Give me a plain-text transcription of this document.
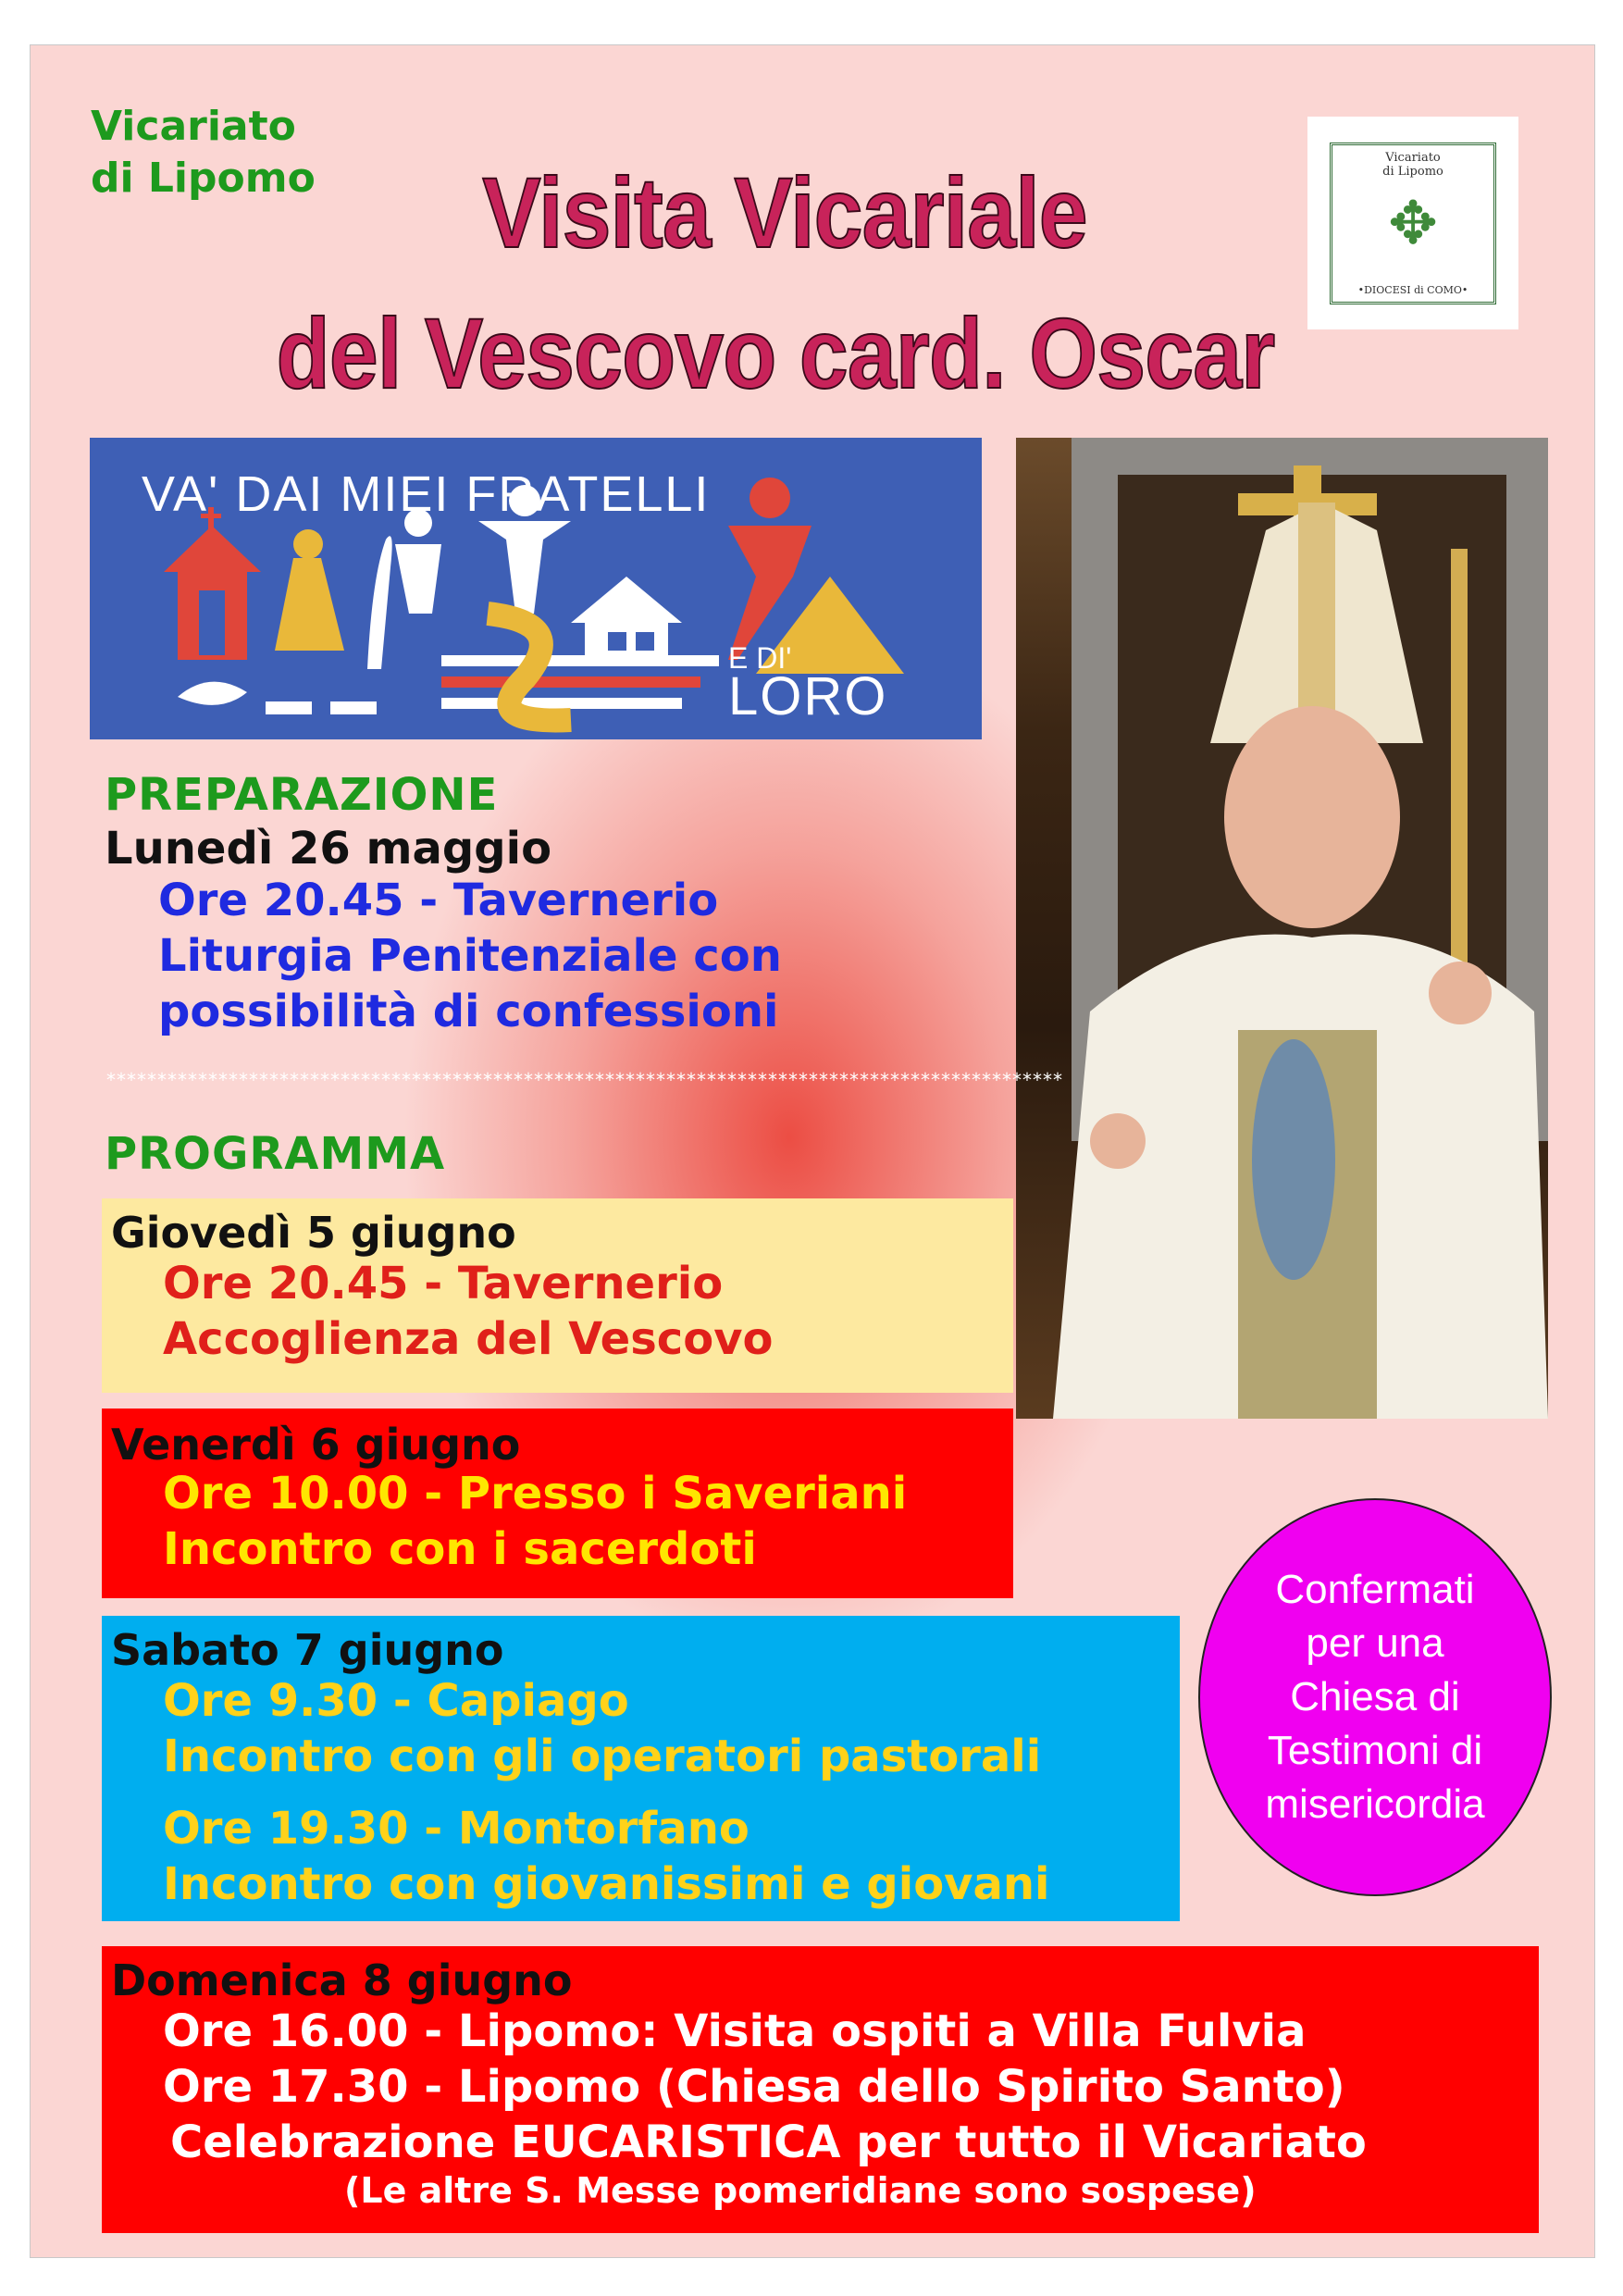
Vicariato
di Lipomo	Visita Vicariale
del Vescovo card. Oscar
Vicariato
di Lipomo
✥
•DIOCESI di COMO•
VA' DAI MIEI FRATELLI
E DI'
LORO
PREPARAZIONE
Lunedì 26 maggio
Ore 20.45 - Tavernerio
Liturgia Penitenziale con
possibilità di confessioni
**********************************************************************************************
PROGRAMMA
Giovedì 5 giugno
Ore 20.45 - Tavernerio
Accoglienza del Vescovo
Venerdì 6 giugno
Ore 10.00 - Presso i Saveriani
Incontro con i sacerdoti
Sabato 7 giugno
Ore 9.30 - Capiago
Incontro con gli operatori pastorali
Ore 19.30 - Montorfano
Incontro con giovanissimi e giovani
Confermati
per una
Chiesa di
Testimoni di
misericordia
Domenica 8 giugno
Ore 16.00 - Lipomo: Visita ospiti a Villa Fulvia
Ore 17.30 - Lipomo (Chiesa dello Spirito Santo)
Celebrazione EUCARISTICA per tutto il Vicariato
(Le altre S. Messe pomeridiane sono sospese)
